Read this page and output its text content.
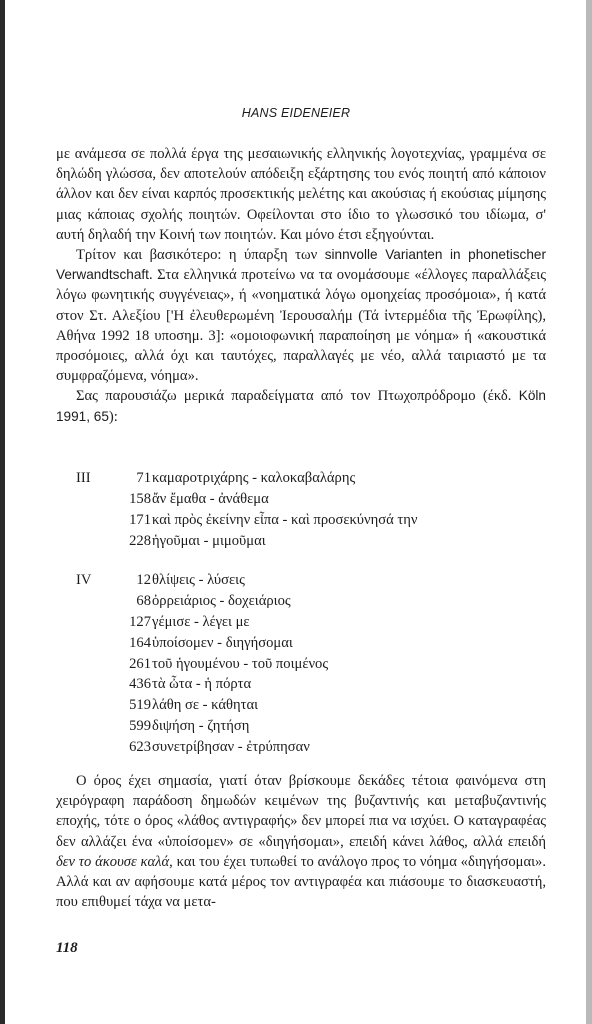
HANS EIDENEIER

με ανάμεσα σε πολλά έργα της μεσαιωνικής ελληνικής λογοτεχνίας, γραμμένα σε δηλώδη γλώσσα, δεν αποτελούν απόδειξη εξάρτησης του ενός ποιητή από κάποιον άλλον και δεν είναι καρπός προσεκτικής μελέτης και ακούσιας ή εκούσιας μίμησης μιας κάποιας σχολής ποιητών. Οφείλονται στο ίδιο το γλωσσικό του ιδίωμα, σ' αυτή δηλαδή την Κοινή των ποιητών. Και μόνο έτσι εξηγούνται.

Τρίτον και βασικότερο: η ύπαρξη των sinnvolle Varianten in phonetischer Verwandtschaft. Στα ελληνικά προτείνω να τα ονομάσουμε «έλλογες παραλλάξεις λόγω φωνητικής συγγένειας», ή «νοηματικά λόγω ομοηχείας προσόμοια», ή κατά στον Στ. Αλεξίου ['Η ἐλευθερωμένη Ἰερουσαλήμ (Τά ἰντερμέδια τῆς Ἐρωφίλης), Αθήνα 1992 18 υποσημ. 3]: «ομοιοφωνική παραποίηση με νόημα» ή «ακουστικά προσόμοιες, αλλά όχι και ταυτόχες, παραλλαγές με νέο, αλλά ταιριαστό με τα συμφραζόμενα, νόημα».

Σας παρουσιάζω μερικά παραδείγματα από τον Πτωχοπρόδρομο (έκδ. Köln 1991, 65):

III	71 καμαροτριχάρης - καλοκαβαλάρης
158 ἄν ἔμαθα - ἀνάθεμα
171 καὶ πρὸς ἐκείνην εἶπα - καὶ προσεκύνησά την
228 ἡγοῦμαι - μιμοῦμαι
IV	12 θλίψεις - λύσεις
68 ὀρρειάριος - δοχειάριος
127 γέμισε - λέγει με
164 ὑποίσομεν - διηγήσομαι
261 τοῦ ἡγουμένου - τοῦ ποιμένος
436 τὰ ὦτα - ἡ πόρτα
519 λάθη σε - κάθηται
599 διψήση - ζητήση
623 συνετρίβησαν - ἐτρύπησαν

Ο όρος έχει σημασία, γιατί όταν βρίσκουμε δεκάδες τέτοια φαινόμενα στη χειρόγραφη παράδοση δημωδών κειμένων της βυζαντινής και μεταβυζαντινής εποχής, τότε ο όρος «λάθος αντιγραφής» δεν μπορεί πια να ισχύει. Ο καταγραφέας δεν αλλάζει ένα «ὑποίσομεν» σε «διηγήσομαι», επειδή κάνει λάθος, αλλά επειδή δεν το άκουσε καλά, και του έχει τυπωθεί το ανάλογο προς το νόημα «διηγήσομαι». Αλλά και αν αφήσουμε κατά μέρος τον αντιγραφέα και πιάσουμε το διασκευαστή, που επιθυμεί τάχα να μετα-

118
